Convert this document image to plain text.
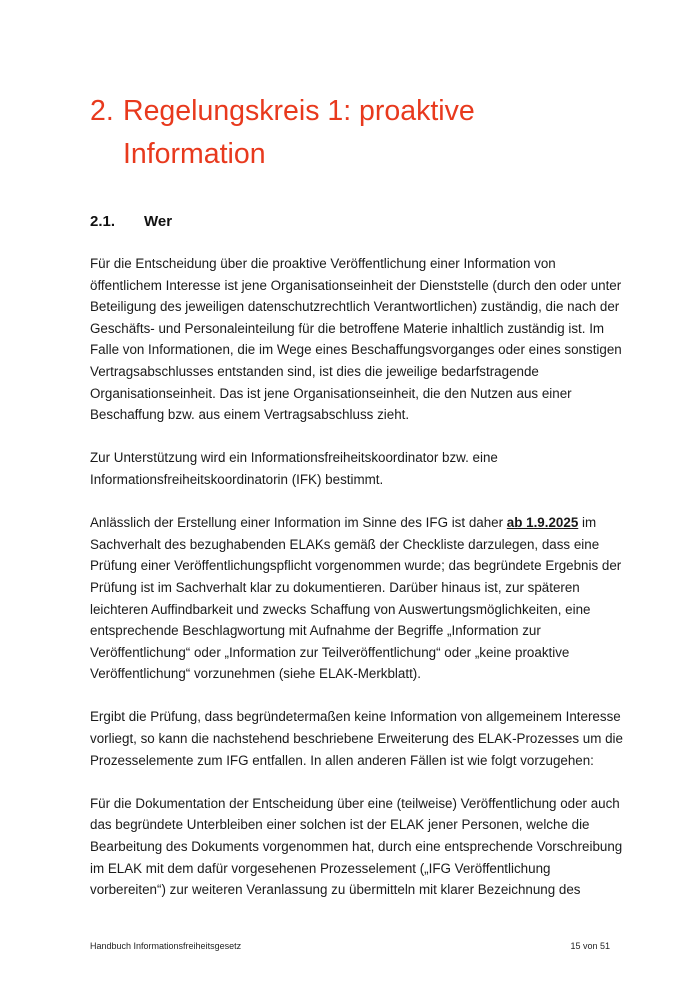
2. Regelungskreis 1: proaktive
Information
2.1. Wer

Für die Entscheidung über die proaktive Veröffentlichung einer Information von
öffentlichem Interesse ist jene Organisationseinheit der Dienststelle (durch den oder unter
Beteiligung des jeweiligen datenschutzrechtlich Verantwortlichen) zuständig, die nach der
Geschäfts- und Personaleinteilung für die betroffene Materie inhaltlich zuständig ist. Im
Falle von Informationen, die im Wege eines Beschaffungsvorganges oder eines sonstigen
Vertragsabschlusses entstanden sind, ist dies die jeweilige bedarfstragende
Organisationseinheit. Das ist jene Organisationseinheit, die den Nutzen aus einer
Beschaffung bzw. aus einem Vertragsabschluss zieht.

Zur Unterstützung wird ein Informationsfreiheitskoordinator bzw. eine
Informationsfreiheitskoordinatorin (IFK) bestimmt.

Anlässlich der Erstellung einer Information im Sinne des IFG ist daher ab 1.9.2025 im
Sachverhalt des bezughabenden ELAKs gemäß der Checkliste darzulegen, dass eine
Prüfung einer Veröffentlichungspflicht vorgenommen wurde; das begründete Ergebnis der
Prüfung ist im Sachverhalt klar zu dokumentieren. Darüber hinaus ist, zur späteren
leichteren Auffindbarkeit und zwecks Schaffung von Auswertungsmöglichkeiten, eine
entsprechende Beschlagwortung mit Aufnahme der Begriffe „Information zur
Veröffentlichung“ oder „Information zur Teilveröffentlichung“ oder „keine proaktive
Veröffentlichung“ vorzunehmen (siehe ELAK-Merkblatt).

Ergibt die Prüfung, dass begründetermaßen keine Information von allgemeinem Interesse
vorliegt, so kann die nachstehend beschriebene Erweiterung des ELAK-Prozesses um die
Prozesselemente zum IFG entfallen. In allen anderen Fällen ist wie folgt vorzugehen:

Für die Dokumentation der Entscheidung über eine (teilweise) Veröffentlichung oder auch
das begründete Unterbleiben einer solchen ist der ELAK jener Personen, welche die
Bearbeitung des Dokuments vorgenommen hat, durch eine entsprechende Vorschreibung
im ELAK mit dem dafür vorgesehenen Prozesselement („IFG Veröffentlichung
vorbereiten“) zur weiteren Veranlassung zu übermitteln mit klarer Bezeichnung des

Handbuch Informationsfreiheitsgesetz	15 von 51
